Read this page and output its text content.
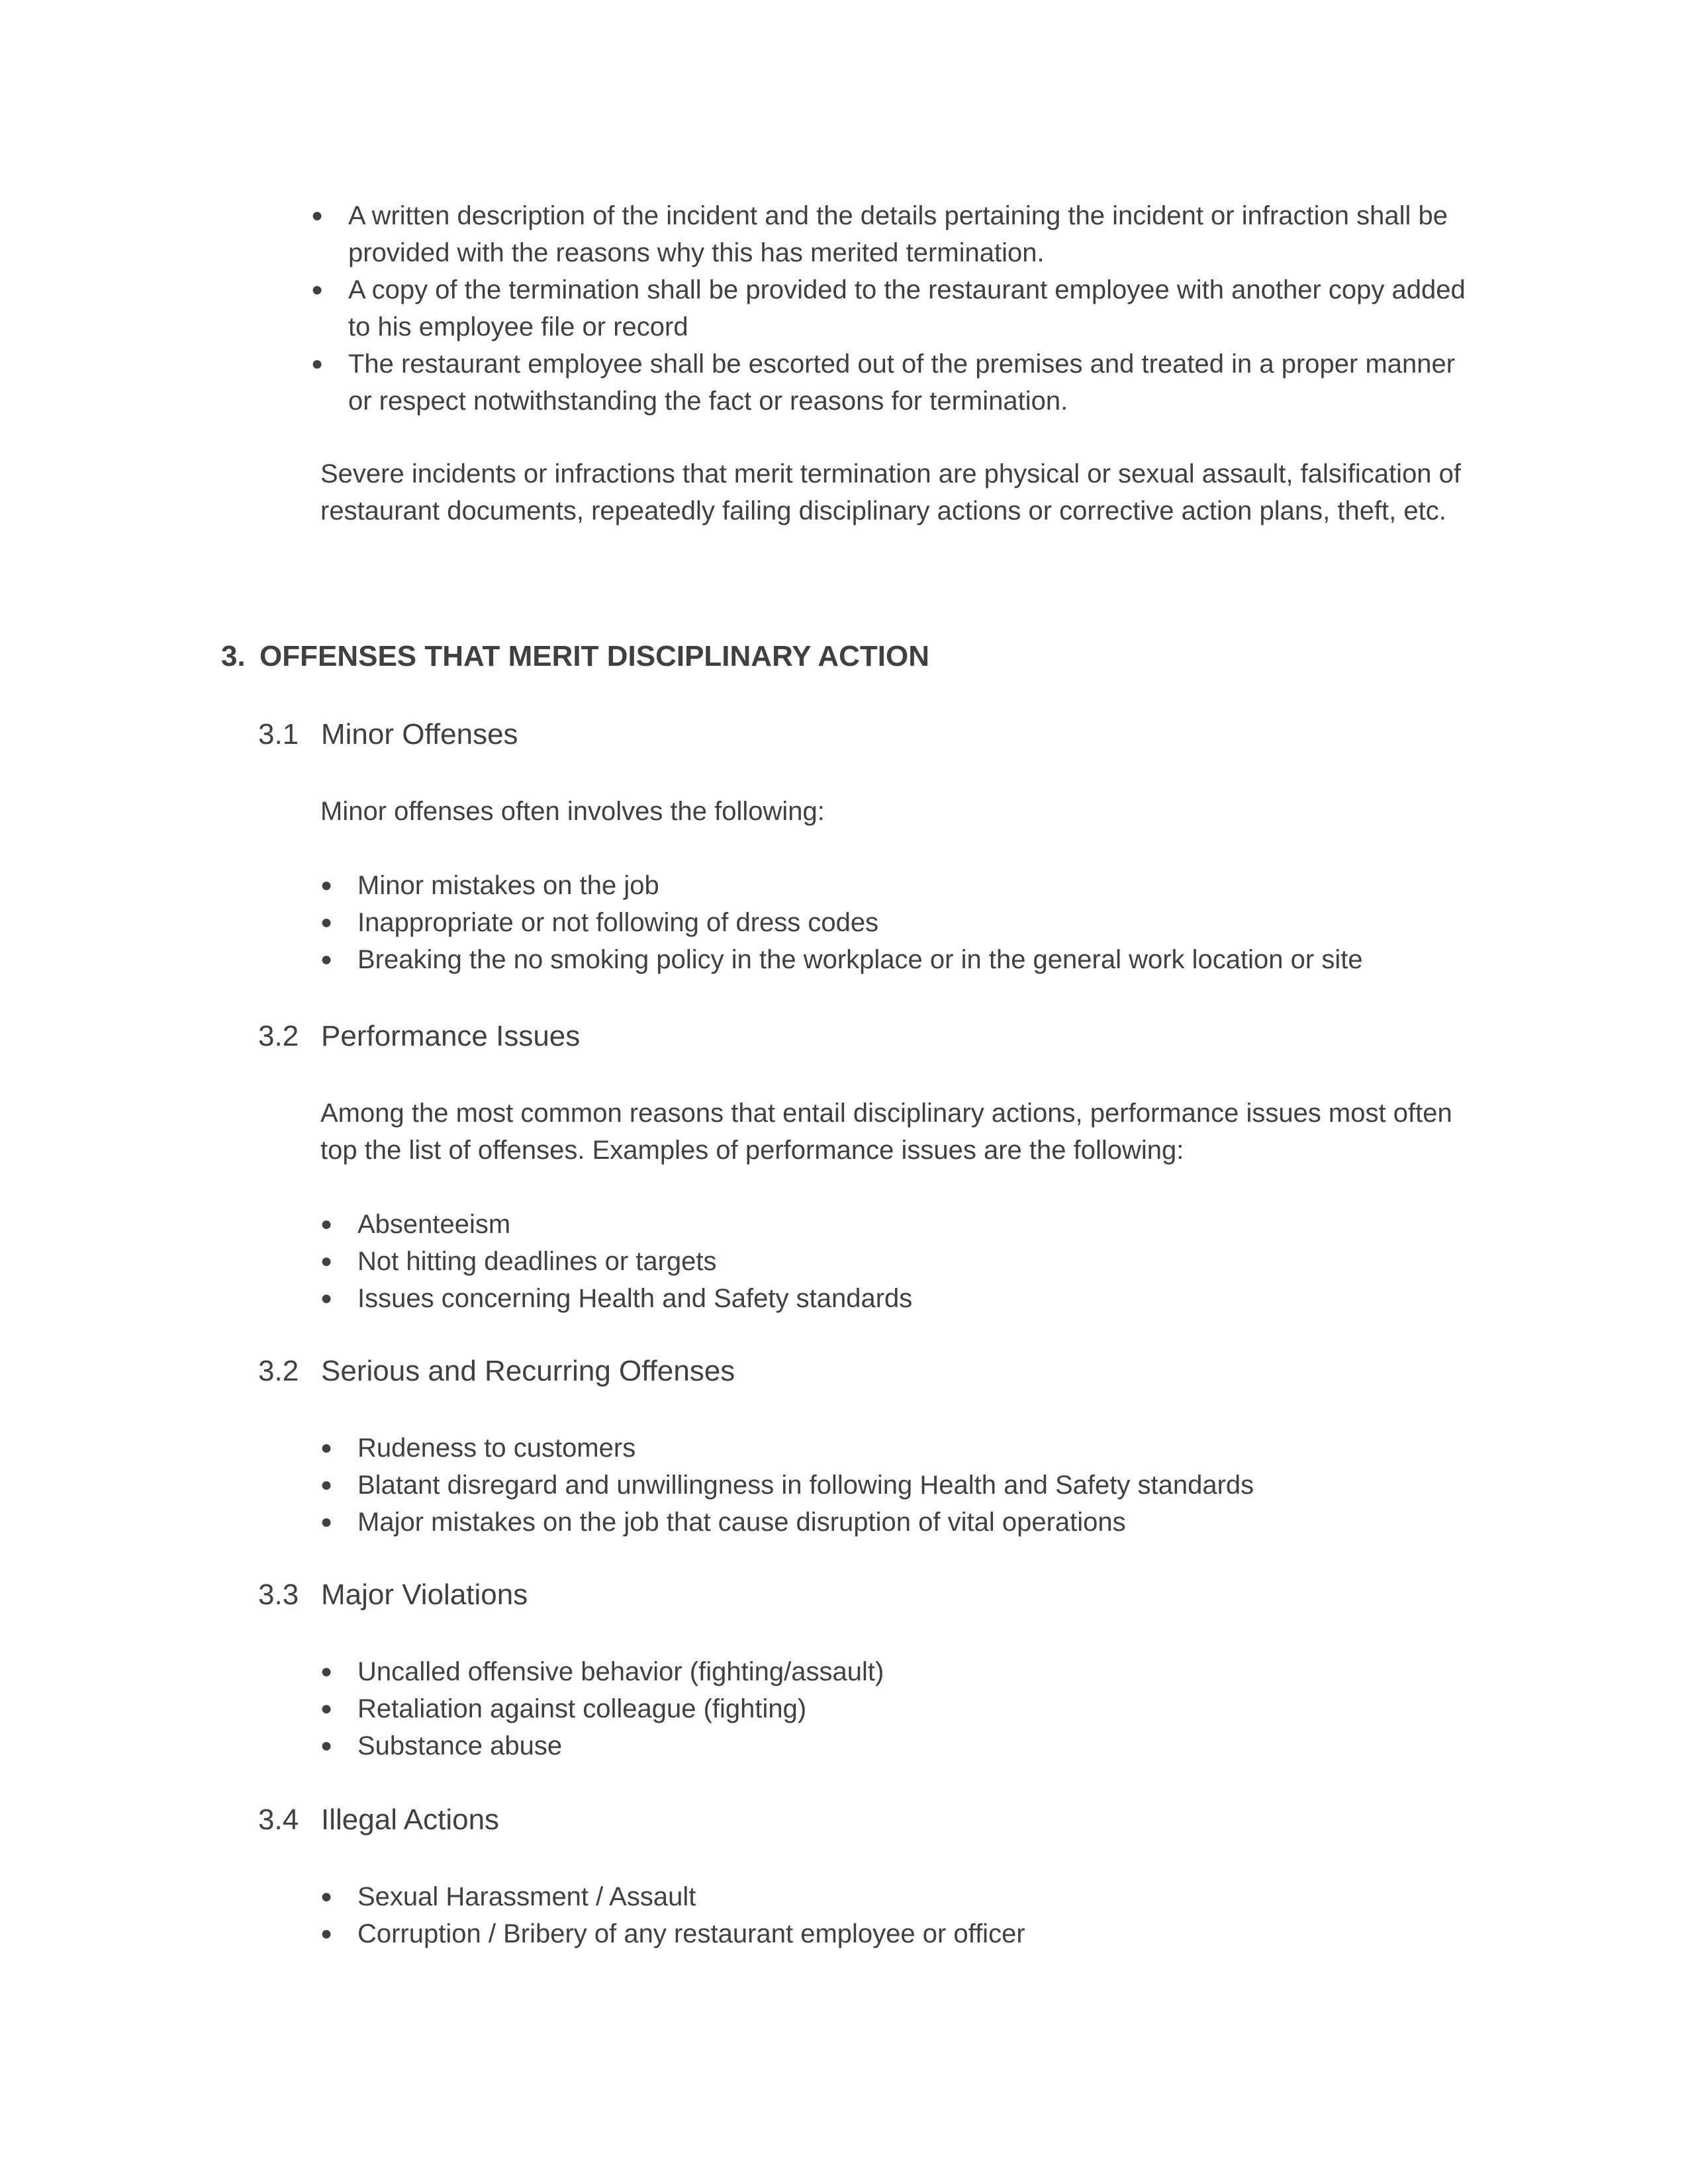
● A written description of the incident and the details pertaining the incident or infraction shall be provided with the reasons why this has merited termination.
● A copy of the termination shall be provided to the restaurant employee with another copy added to his employee file or record
● The restaurant employee shall be escorted out of the premises and treated in a proper manner or respect notwithstanding the fact or reasons for termination.

Severe incidents or infractions that merit termination are physical or sexual assault, falsification of restaurant documents, repeatedly failing disciplinary actions or corrective action plans, theft, etc.

3. OFFENSES THAT MERIT DISCIPLINARY ACTION
3.1 Minor Offenses

Minor offenses often involves the following:

● Minor mistakes on the job
● Inappropriate or not following of dress codes
● Breaking the no smoking policy in the workplace or in the general work location or site
3.2 Performance Issues

Among the most common reasons that entail disciplinary actions, performance issues most often top the list of offenses. Examples of performance issues are the following:

● Absenteeism
● Not hitting deadlines or targets
● Issues concerning Health and Safety standards
3.2 Serious and Recurring Offenses
● Rudeness to customers
● Blatant disregard and unwillingness in following Health and Safety standards
● Major mistakes on the job that cause disruption of vital operations
3.3 Major Violations
● Uncalled offensive behavior (fighting/assault)
● Retaliation against colleague (fighting)
● Substance abuse
3.4 Illegal Actions
● Sexual Harassment / Assault
● Corruption / Bribery of any restaurant employee or officer
